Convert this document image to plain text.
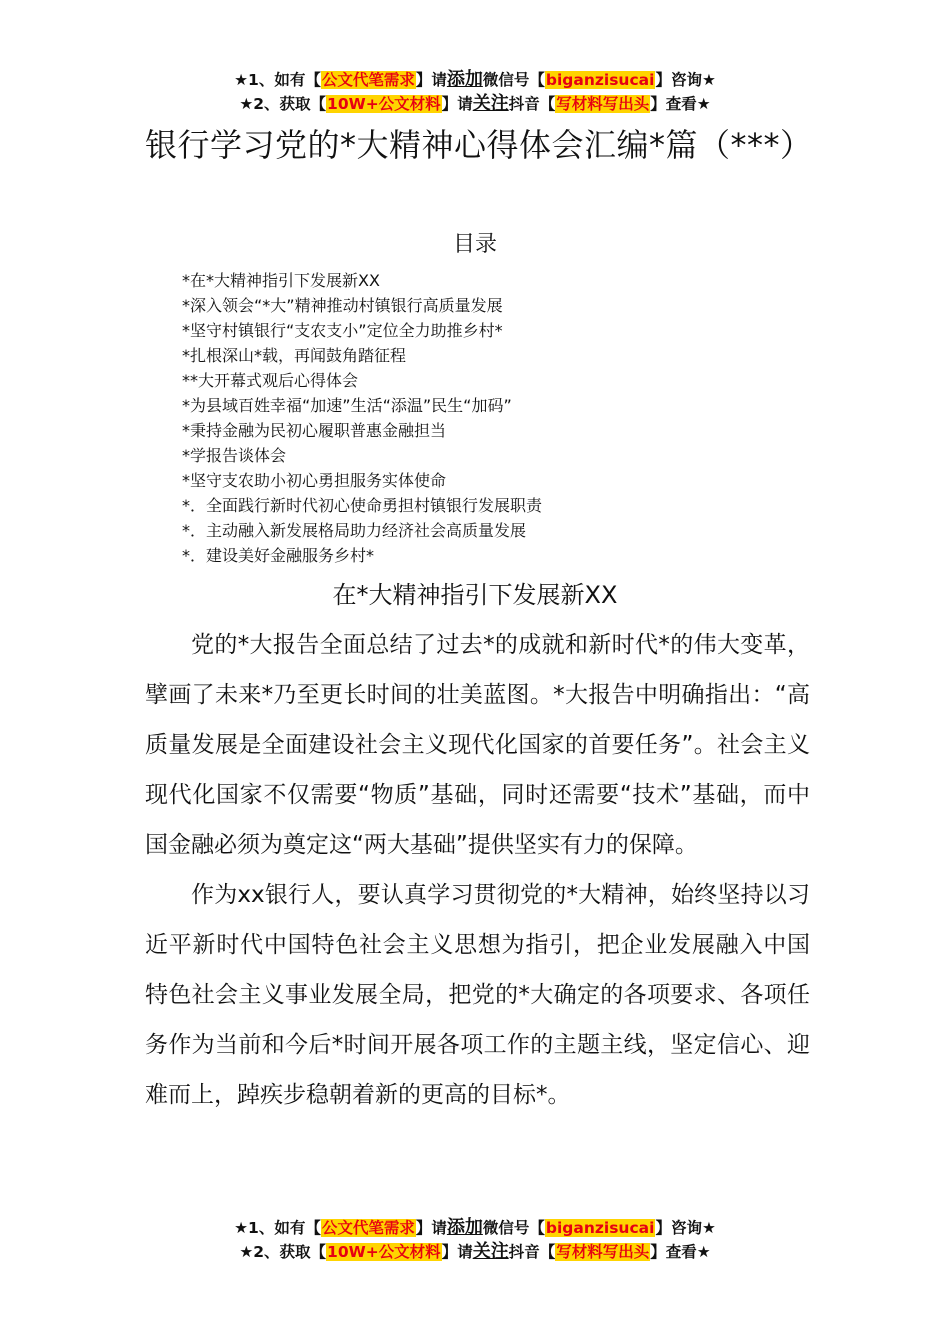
★1、如有【公文代笔需求】请添加微信号【biganzisucai】咨询★
★2、获取【10W+公文材料】请关注抖音【写材料写出头】查看★
银行学习党的*大精神心得体会汇编*篇（***）
目录
*在*大精神指引下发展新XX
*深入领会“*大”精神推动村镇银行高质量发展
*坚守村镇银行“支农支小”定位全力助推乡村*
*扎根深山*载，再闻鼓角踏征程
**大开幕式观后心得体会
*为县域百姓幸福“加速”生活“添温”民生“加码”
*秉持金融为民初心履职普惠金融担当
*学报告谈体会
*坚守支农助小初心勇担服务实体使命
*．全面践行新时代初心使命勇担村镇银行发展职责
*．主动融入新发展格局助力经济社会高质量发展
*．建设美好金融服务乡村*
在*大精神指引下发展新XX

党的*大报告全面总结了过去*的成就和新时代*的伟大变革，擘画了未来*乃至更长时间的壮美蓝图。*大报告中明确指出：“高质量发展是全面建设社会主义现代化国家的首要任务”。社会主义现代化国家不仅需要“物质”基础，同时还需要“技术”基础，而中国金融必须为奠定这“两大基础”提供坚实有力的保障。

作为xx银行人，要认真学习贯彻党的*大精神，始终坚持以习近平新时代中国特色社会主义思想为指引，把企业发展融入中国特色社会主义事业发展全局，把党的*大确定的各项要求、各项任务作为当前和今后*时间开展各项工作的主题主线，坚定信心、迎难而上，踔疾步稳朝着新的更高的目标*。

★1、如有【公文代笔需求】请添加微信号【biganzisucai】咨询★
★2、获取【10W+公文材料】请关注抖音【写材料写出头】查看★
